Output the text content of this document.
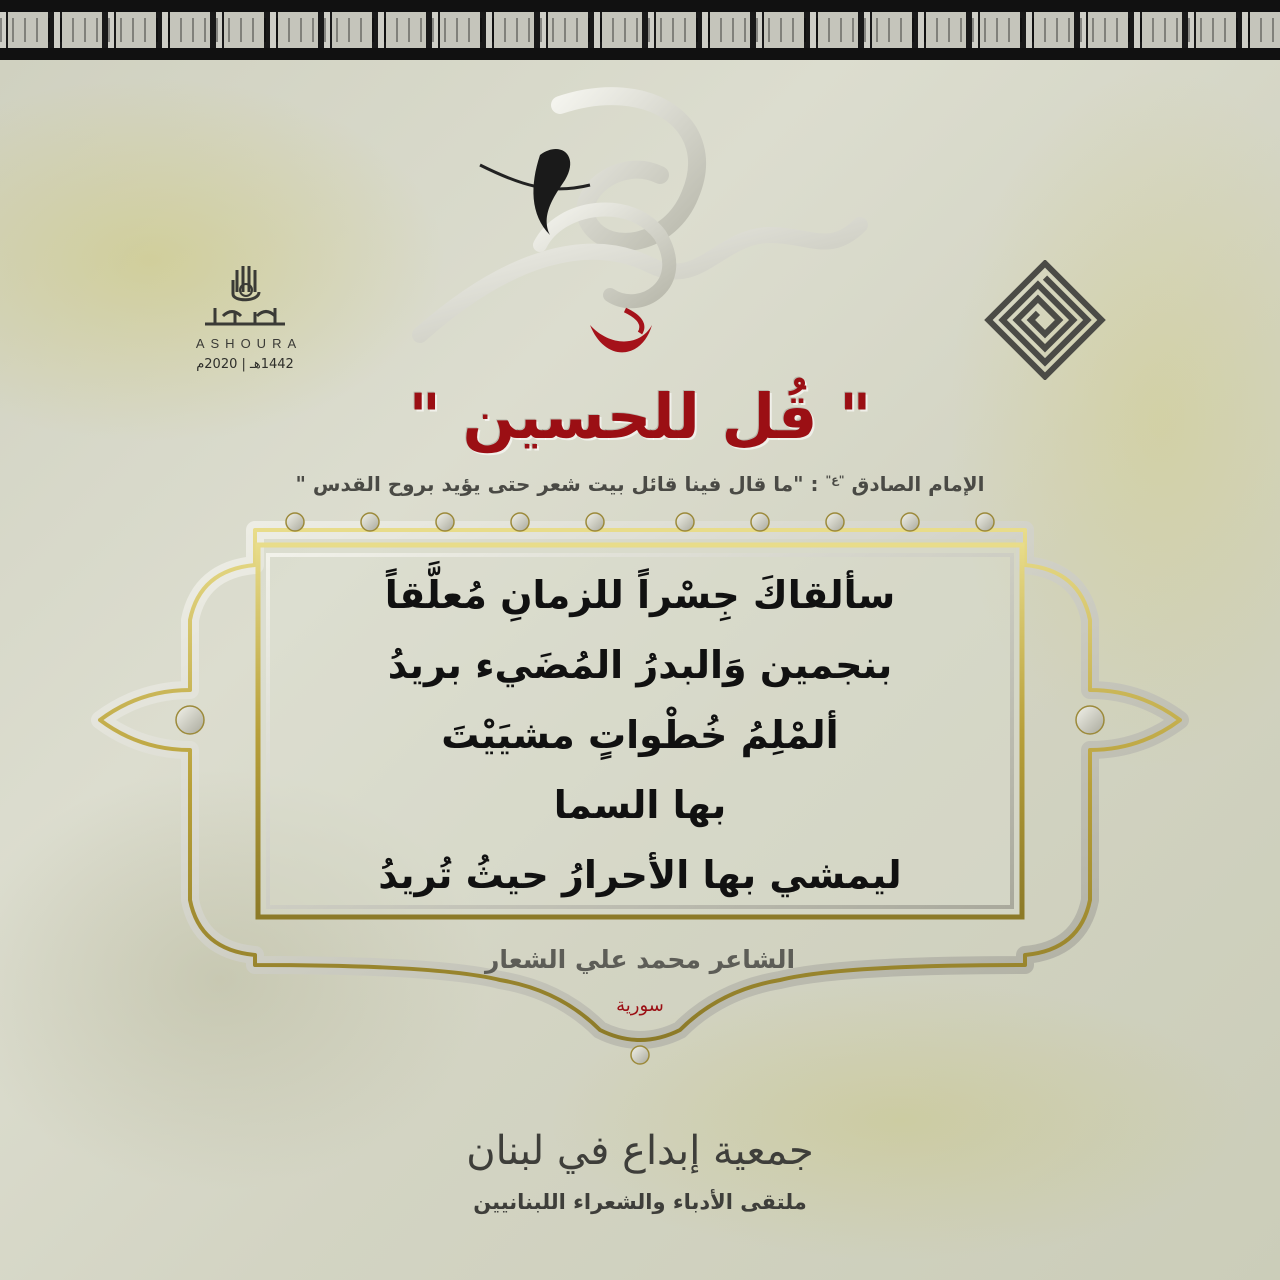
ASHOURA
1442هـ | 2020م
" قُل للحسين "
الإمام الصادق $^{"ع"}$ : "ما قال فينا قائل بيت شعر حتى يؤيد بروح القدس "
سألقاكَ جِسْراً للزمانِ مُعلَّقاً
بنجمين وَالبدرُ المُضَيء بريدُ
ألمْلِمُ خُطْواتٍ مشيَيْتَ
بها السما
ليمشي بها الأحرارُ حيثُ تُريدُ
الشاعر محمد علي الشعار
سورية
جمعية إبداع في لبنان
ملتقى الأدباء والشعراء اللبنانيين
